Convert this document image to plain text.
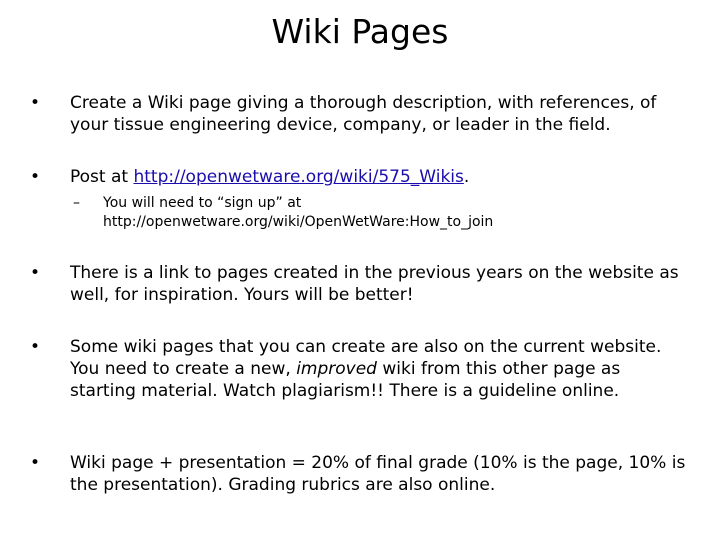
Wiki Pages
•	Create a Wiki page giving a thorough description, with references, of your tissue engineering device, company, or leader in the field.
•	Post at http://openwetware.org/wiki/575_Wikis.
– You will need to “sign up” at http://openwetware.org/wiki/OpenWetWare:How_to_join
•	There is a link to pages created in the previous years on the website as well, for inspiration. Yours will be better!
•	Some wiki pages that you can create are also on the current website. You need to create a new, improved wiki from this other page as starting material. Watch plagiarism!! There is a guideline online.
•	Wiki page + presentation = 20% of final grade (10% is the page, 10% is the presentation). Grading rubrics are also online.
